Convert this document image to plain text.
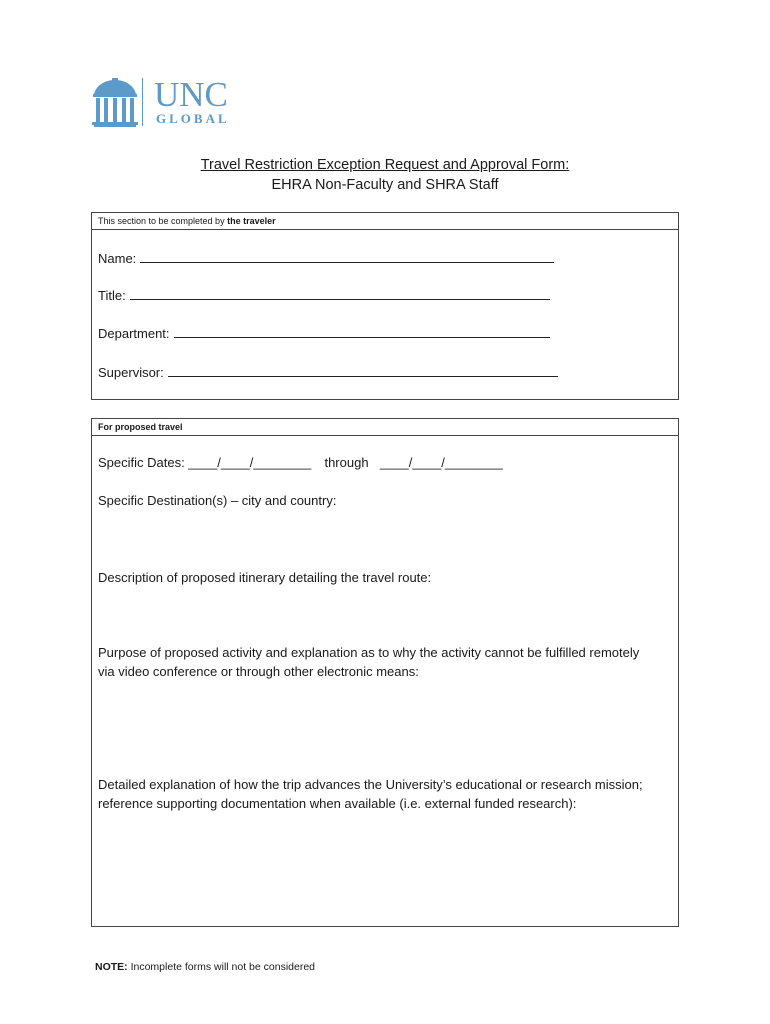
UNC
GLOBAL
Travel Restriction Exception Request and Approval Form:
EHRA Non-Faculty and SHRA Staff
This section to be completed by the traveler
Name:
Title:
Department:
Supervisor:
For proposed travel
Specific Dates: ____/____/________ through ____/____/________
Specific Destination(s) – city and country:
Description of proposed itinerary detailing the travel route:
Purpose of proposed activity and explanation as to why the activity cannot be fulfilled remotely via video conference or through other electronic means:
Detailed explanation of how the trip advances the University’s educational or research mission; reference supporting documentation when available (i.e. external funded research):
NOTE: Incomplete forms will not be considered
